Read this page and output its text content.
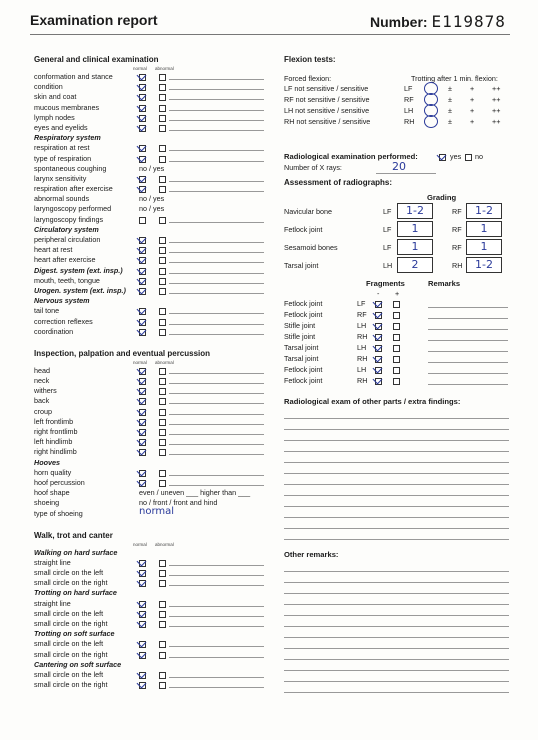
Examination report	Number: E119878
General and clinical examination
normal abnormal
conformation and stance
condition
skin and coat
mucous membranes
lymph nodes
eyes and eyelids
Respiratory system
respiration at rest
type of respiration
spontaneous coughing	no / yes
larynx sensitivity
respiration after exercise
abnormal sounds	no / yes
laryngoscopy performed	no / yes
laryngoscopy findings
Circulatory system
peripheral circulation
heart at rest
heart after exercise
Digest. system (ext. insp.)
mouth, teeth, tongue
Urogen. system (ext. insp.)
Nervous system
tail tone
correction reflexes
coordination
Inspection, palpation and eventual percussion
normal abnormal
head
neck
withers
back
croup
left frontlimb
right frontlimb
left hindlimb
right hindlimb
Hooves
horn quality
hoof percussion
hoof shape	even / uneven ___ higher than ___
shoeing	no / front / front and hind
type of shoeing	normal
Walk, trot and canter
normal abnormal
Walking on hard surface
straight line
small circle on the left
small circle on the right
Trotting on hard surface
straight line
small circle on the left
small circle on the right
Trotting on soft surface
small circle on the left
small circle on the right
Cantering on soft surface
small circle on the left
small circle on the right
Flexion tests:
Forced flexion:	Trotting after 1 min. flexion:
LF not sensitive / sensitive	LF	±	+ ++
RF not sensitive / sensitive	RF	±	+ ++
LH not sensitive / sensitive	LH	±	+ ++
RH not sensitive / sensitive	RH	±	+ ++
Radiological examination performed:	yes no
Number of X rays:	20
Assessment of radiographs:
Grading
Navicular bone	LF	1-2	RF	1-2
Fetlock joint	LF	1	RF	1
Sesamoid bones	LF	1	RF	1
Tarsal joint	LH	2	RH	1-2
Fragments	Remarks
- +
Fetlock joint	LF
Fetlock joint	RF
Stifle joint	LH
Stifle joint	RH
Tarsal joint	LH
Tarsal joint	RH
Fetlock joint	LH
Fetlock joint	RH
Radiological exam of other parts / extra findings:
Other remarks:
